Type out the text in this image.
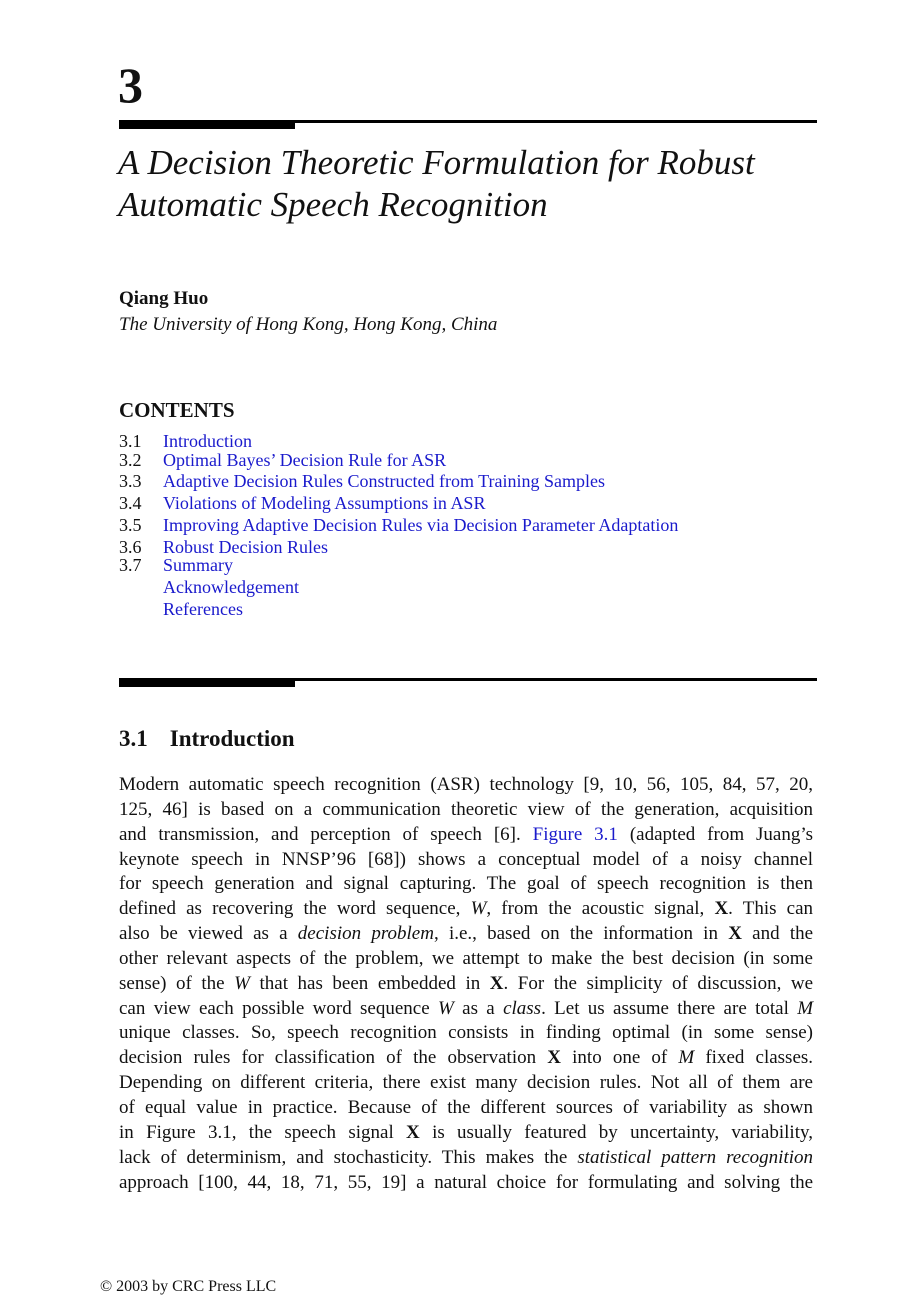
3
A Decision Theoretic Formulation for Robust Automatic Speech Recognition
Qiang Huo
The University of Hong Kong, Hong Kong, China
CONTENTS
3.1	Introduction
3.2	Optimal Bayes’ Decision Rule for ASR
3.3	Adaptive Decision Rules Constructed from Training Samples
3.4	Violations of Modeling Assumptions in ASR
3.5	Improving Adaptive Decision Rules via Decision Parameter Adaptation
3.6	Robust Decision Rules
3.7	Summary
Acknowledgement
References
3.1 Introduction
Modern automatic speech recognition (ASR) technology [9, 10, 56, 105, 84, 57, 20,
125, 46] is based on a communication theoretic view of the generation, acquisition
and transmission, and perception of speech [6]. Figure 3.1 (adapted from Juang’s
keynote speech in NNSP’96 [68]) shows a conceptual model of a noisy channel
for speech generation and signal capturing. The goal of speech recognition is then
defined as recovering the word sequence, W, from the acoustic signal, X. This can
also be viewed as a decision problem, i.e., based on the information in X and the
other relevant aspects of the problem, we attempt to make the best decision (in some
sense) of the W that has been embedded in X. For the simplicity of discussion, we
can view each possible word sequence W as a class. Let us assume there are total M
unique classes. So, speech recognition consists in finding optimal (in some sense)
decision rules for classification of the observation X into one of M fixed classes.
Depending on different criteria, there exist many decision rules. Not all of them are
of equal value in practice. Because of the different sources of variability as shown
in Figure 3.1, the speech signal X is usually featured by uncertainty, variability,
lack of determinism, and stochasticity. This makes the statistical pattern recognition
approach [100, 44, 18, 71, 55, 19] a natural choice for formulating and solving the
© 2003 by CRC Press LLC
